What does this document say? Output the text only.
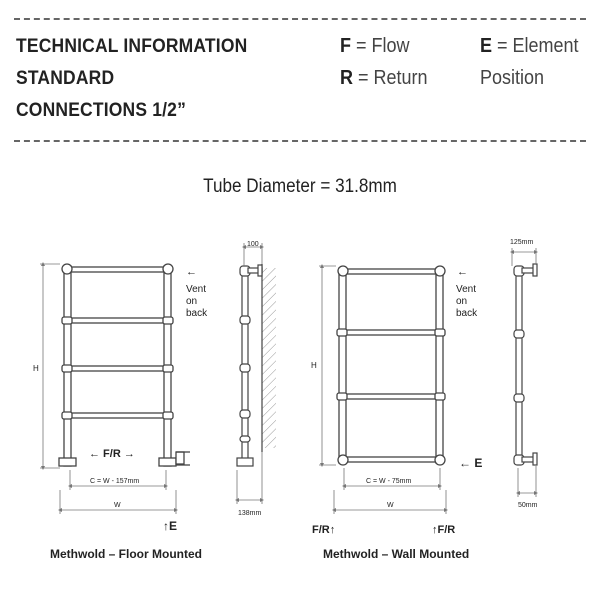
TECHNICAL INFORMATION
STANDARD
CONNECTIONS 1/2”
F = Flow
R = Return
E = Element
Position
Tube Diameter = 31.8mm
H
← F/R →
C = W - 157mm
W
↑E
←
Vent
on
back
Methwold – Floor Mounted
100
138mm
H
C = W - 75mm
W
← E
F/R↑	↑F/R
←
Vent
on
back
Methwold – Wall Mounted
125mm
50mm
